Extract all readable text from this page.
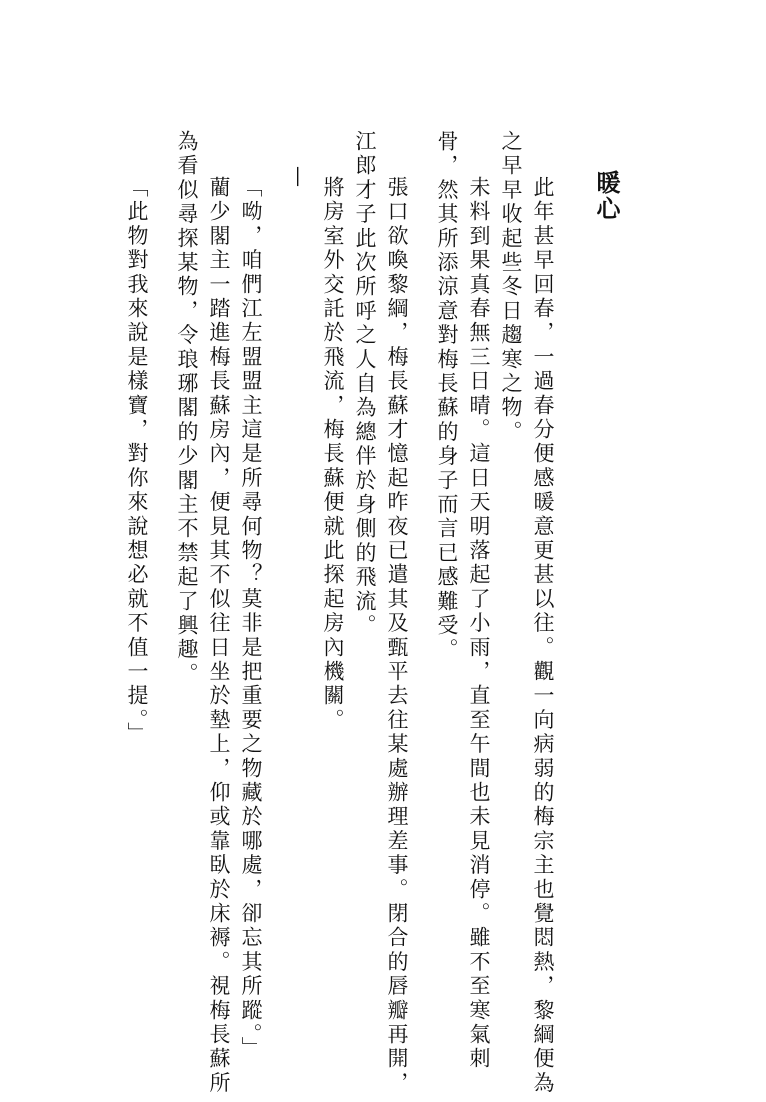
暖心
此年甚早回春，一過春分便感暖意更甚以往。觀一向病弱的梅宗主也覺悶熱，黎綱便為
之早早收起些冬日趨寒之物。
未料到果真春無三日晴。這日天明落起了小雨，直至午間也未見消停。雖不至寒氣刺
骨，然其所添涼意對梅長蘇的身子而言已感難受。
張口欲喚黎綱，梅長蘇才憶起昨夜已遣其及甄平去往某處辦理差事。閉合的唇瓣再開，
江郎才子此次所呼之人自為總伴於身側的飛流。
將房室外交託於飛流，梅長蘇便就此探起房內機關。
—
「呦，咱們江左盟盟主這是所尋何物？莫非是把重要之物藏於哪處，卻忘其所蹤。」
藺少閣主一踏進梅長蘇房內，便見其不似往日坐於墊上，仰或靠臥於床褥。視梅長蘇所
為看似尋探某物，令琅琊閣的少閣主不禁起了興趣。
「此物對我來說是樣寶，對你來說想必就不值一提。」
